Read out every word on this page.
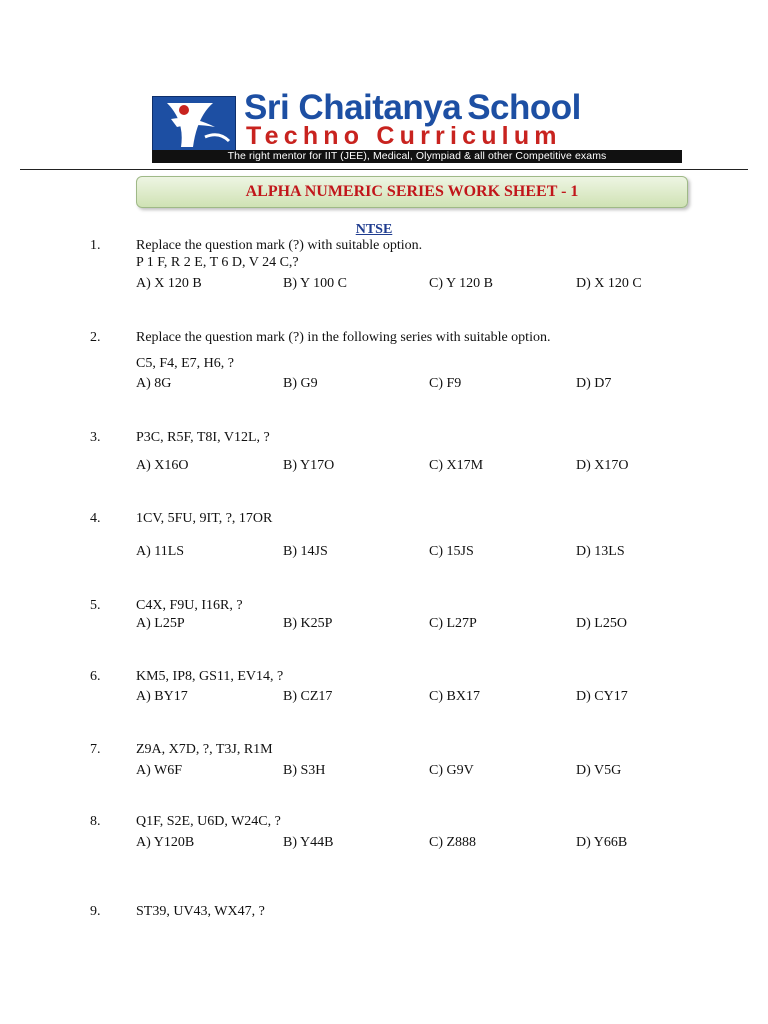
Sri Chaitanya School
Techno Curriculum
The right mentor for IIT (JEE), Medical, Olympiad & all other Competitive exams
ALPHA NUMERIC SERIES WORK SHEET - 1
NTSE
1.	Replace the question mark (?) with suitable option.
P 1 F, R 2 E, T 6 D, V 24 C,?
A) X 120 B	B) Y 100 C	C) Y 120 B	D) X 120 C
2.	Replace the question mark (?) in the following series with suitable option.
C5, F4, E7, H6, ?
A) 8G	B) G9	C) F9	D) D7
3.	P3C, R5F, T8I, V12L, ?
A) X16O	B) Y17O	C) X17M	D) X17O
4.	1CV, 5FU, 9IT, ?, 17OR
A) 11LS	B) 14JS	C) 15JS	D) 13LS
5.	C4X, F9U, I16R, ?
A) L25P	B) K25P	C) L27P	D) L25O
6.	KM5, IP8, GS11, EV14, ?
A) BY17	B) CZ17	C) BX17	D) CY17
7.	Z9A, X7D, ?, T3J, R1M
A) W6F	B) S3H	C) G9V	D) V5G
8.	Q1F, S2E, U6D, W24C, ?
A) Y120B	B) Y44B	C) Z888	D) Y66B
9.	ST39, UV43, WX47, ?
